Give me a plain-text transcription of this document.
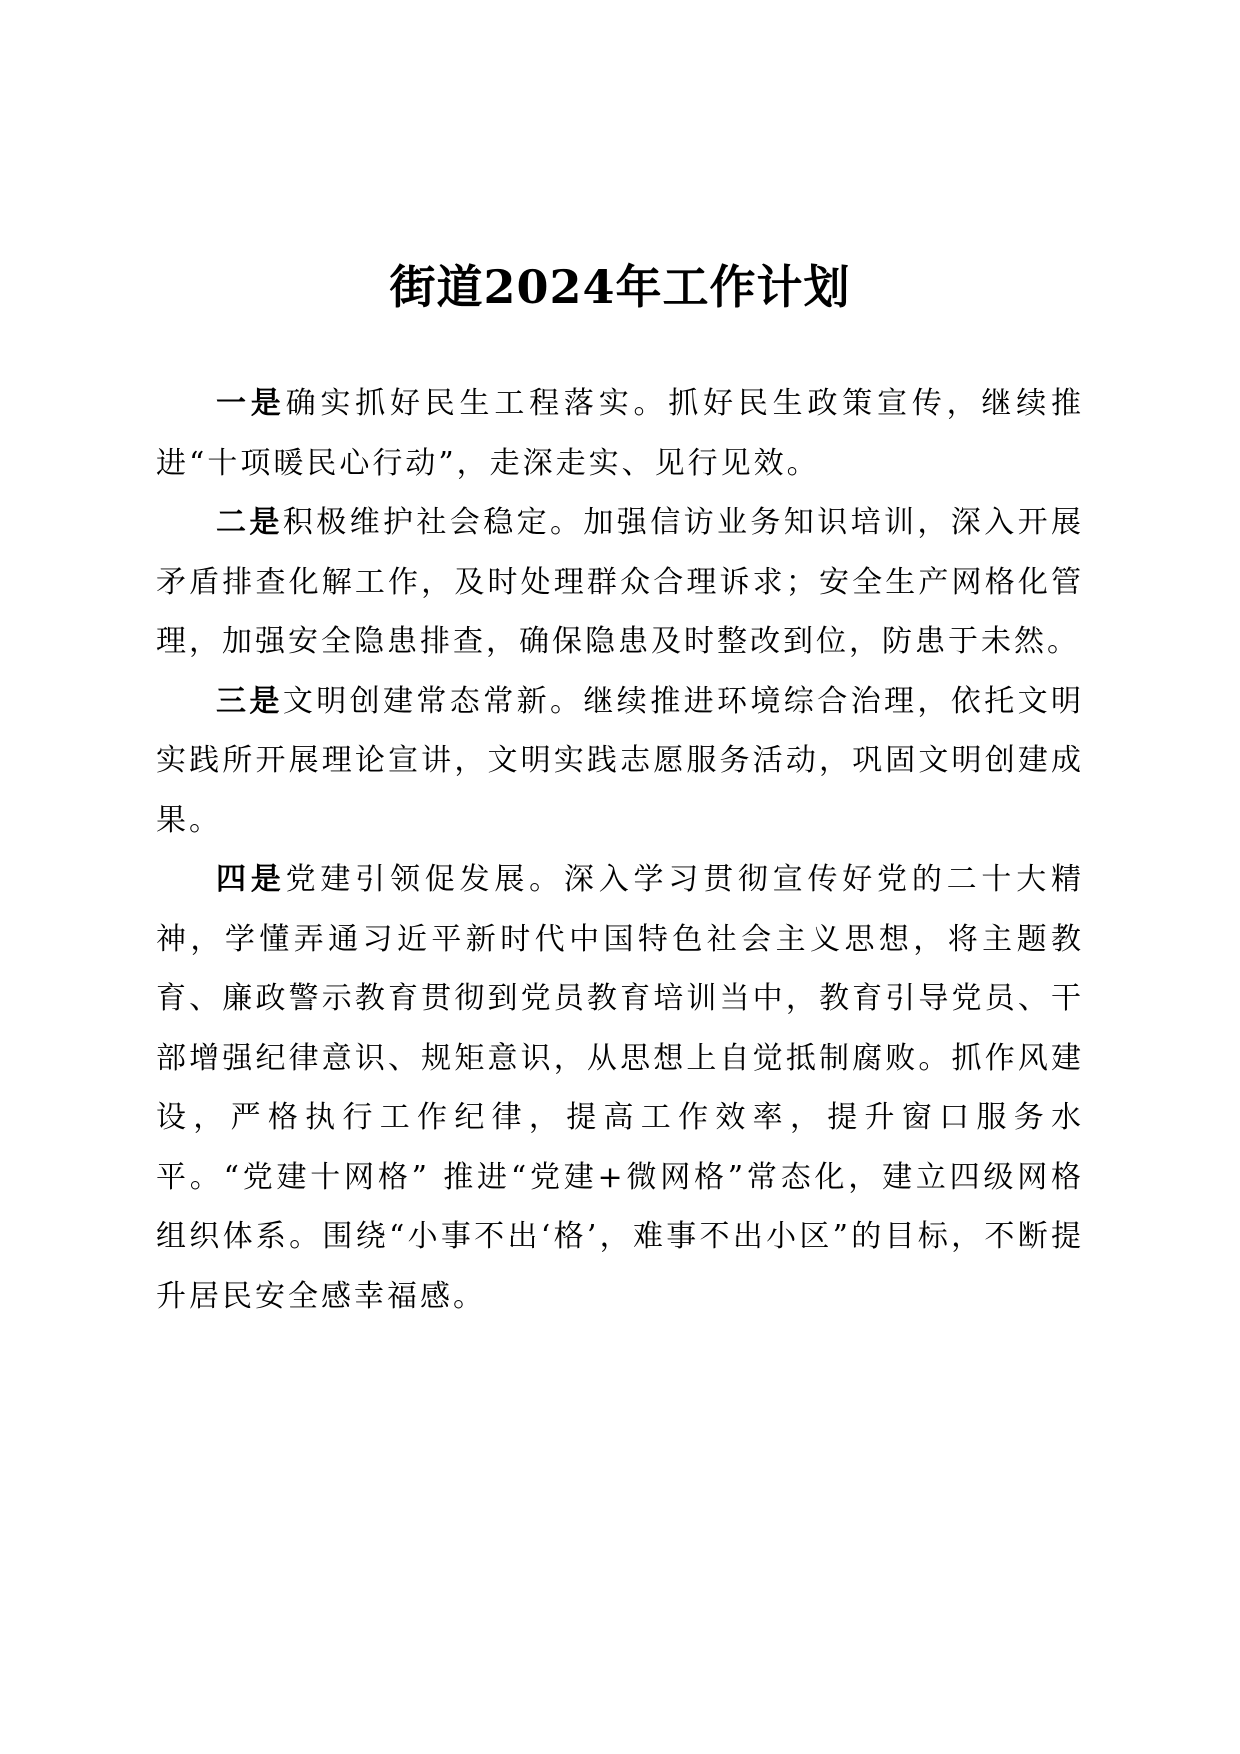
街道2024年工作计划

一是确实抓好民生工程落实。抓好民生政策宣传，继续推进“十项暖民心行动”，走深走实、见行见效。

二是积极维护社会稳定。加强信访业务知识培训，深入开展矛盾排查化解工作，及时处理群众合理诉求；安全生产网格化管理，加强安全隐患排查，确保隐患及时整改到位，防患于未然。

三是文明创建常态常新。继续推进环境综合治理，依托文明实践所开展理论宣讲，文明实践志愿服务活动，巩固文明创建成果。

四是党建引领促发展。深入学习贯彻宣传好党的二十大精神，学懂弄通习近平新时代中国特色社会主义思想，将主题教育、廉政警示教育贯彻到党员教育培训当中，教育引导党员、干部增强纪律意识、规矩意识，从思想上自觉抵制腐败。抓作风建设，严格执行工作纪律，提高工作效率，提升窗口服务水平。“党建十网格” 推进“党建+微网格”常态化，建立四级网格组织体系。围绕“小事不出‘格’，难事不出小区”的目标，不断提升居民安全感幸福感。
